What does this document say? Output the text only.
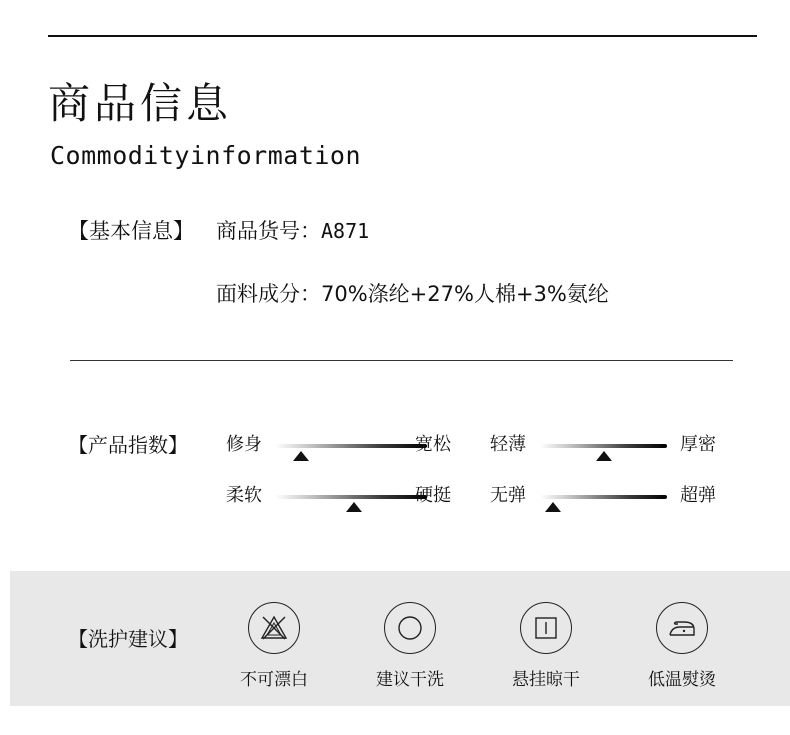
商品信息
Commodityinformation
【基本信息】 商品货号：A871
面料成分：70%涤纶+27%人棉+3%氨纶
【产品指数】 修身	宽松 轻薄	厚密
柔软	硬挺 无弹	超弹
【洗护建议】
不可漂白	建议干洗	悬挂晾干	低温熨烫
